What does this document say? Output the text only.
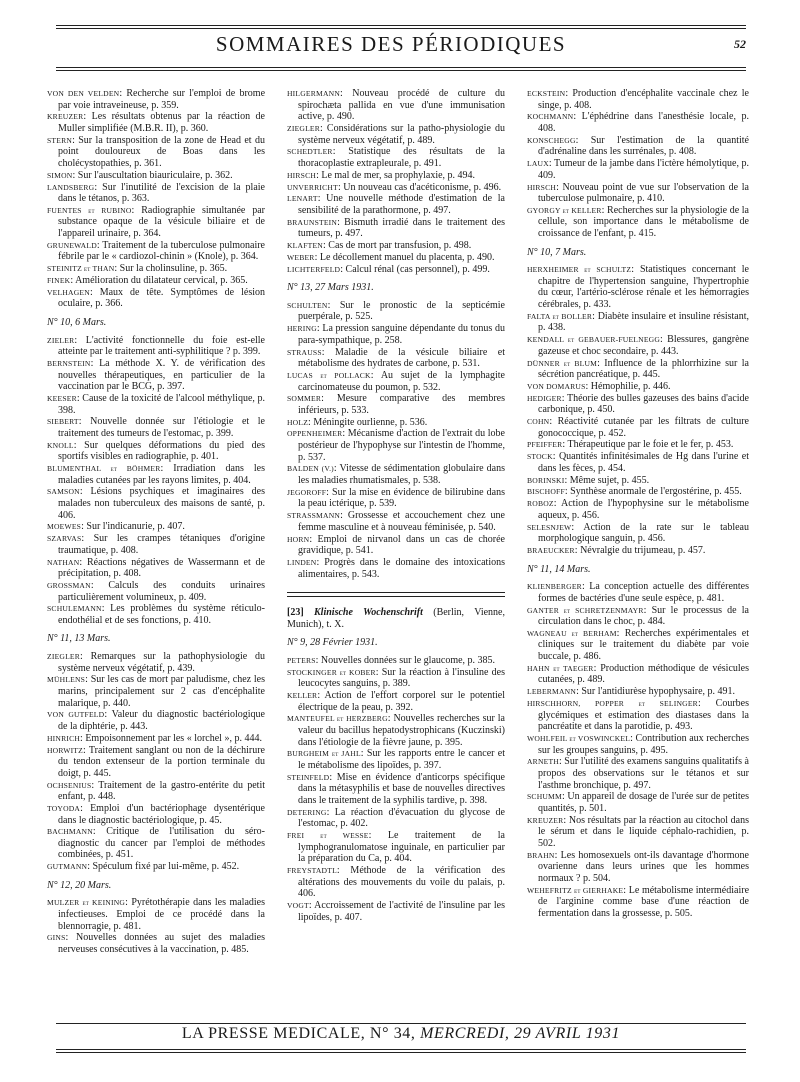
SOMMAIRES DES PÉRIODIQUES	52
VON DEN VELDEN: Recherche sur l'emploi de brome par voie intraveineuse, p. 359.
KREUZER: Les résultats obtenus par la réaction de Muller simplifiée (M.B.R. II), p. 360.
STERN: Sur la transposition de la zone de Head et du point douloureux de Boas dans les cholécystopathies, p. 361.
SIMON: Sur l'auscultation biauriculaire, p. 362.
LANDSBERG: Sur l'inutilité de l'excision de la plaie dans le tétanos, p. 363.
FUENTES et RUBINO: Radiographie simultanée par substance opaque de la vésicule biliaire et de l'appareil urinaire, p. 364.
GRUNEWALD: Traitement de la tuberculose pulmonaire fébrile par le « cardiozol-chinin » (Knole), p. 364.
STEINITZ et THAN: Sur la cholinsuline, p. 365.
FINEK: Amélioration du dilatateur cervical, p. 365.
VELHAGEN: Maux de tête. Symptômes de lésion oculaire, p. 366.
N° 10, 6 Mars.
ZIELER: L'activité fonctionnelle du foie est-elle atteinte par le traitement anti-syphilitique ? p. 399.
BERNSTEIN: La méthode X. Y. de vérification des nouvelles thérapeutiques, en particulier de la vaccination par le BCG, p. 397.
KEESER: Cause de la toxicité de l'alcool méthylique, p. 398.
SIEBERT: Nouvelle donnée sur l'étiologie et le traitement des tumeurs de l'estomac, p. 399.
KNOLL: Sur quelques déformations du pied des sportifs visibles en radiographie, p. 401.
BLUMENTHAL et BÖHMER: Irradiation dans les maladies cutanées par les rayons limites, p. 404.
SAMSON: Lésions psychiques et imaginaires des malades non tuberculeux des maisons de santé, p. 406.
MOEWES: Sur l'indicanurie, p. 407.
SZARVAS: Sur les crampes tétaniques d'origine traumatique, p. 408.
NATHAN: Réactions négatives de Wassermann et de précipitation, p. 408.
GROSSMAN: Calculs des conduits urinaires particulièrement volumineux, p. 409.
SCHULEMANN: Les problèmes du système réticulo-endothélial et de ses fonctions, p. 410.
N° 11, 13 Mars.
ZIEGLER: Remarques sur la pathophysiologie du système nerveux végétatif, p. 439.
MÜHLENS: Sur les cas de mort par paludisme, chez les marins, principalement sur 2 cas d'encéphalite malarique, p. 440.
VON GUTFELD: Valeur du diagnostic bactériologique de la diphtérie, p. 443.
HINRICH: Empoisonnement par les « lorchel », p. 444.
HORWITZ: Traitement sanglant ou non de la déchirure du tendon extenseur de la portion terminale du doigt, p. 445.
OCHSENIUS: Traitement de la gastro-entérite du petit enfant, p. 448.
TOYODA: Emploi d'un bactériophage dysentérique dans le diagnostic bactériologique, p. 45.
BACHMANN: Critique de l'utilisation du séro-diagnostic du cancer par l'emploi de méthodes combinées, p. 451.
GUTMANN: Spéculum fixé par lui-même, p. 452.
N° 12, 20 Mars.
MULZER et KEINING: Pyrétothérapie dans les maladies infectieuses. Emploi de ce procédé dans la blennorragie, p. 481.
GINS: Nouvelles données au sujet des maladies nerveuses consécutives à la vaccination, p. 485.
HILGERMANN: Nouveau procédé de culture du spirochæta pallida en vue d'une immunisation active, p. 490.
ZIEGLER: Considérations sur la patho-physiologie du système nerveux végétatif, p. 489.
SCHEDTLER: Statistique des résultats de la thoracoplastie extrapleurale, p. 491.
HIRSCH: Le mal de mer, sa prophylaxie, p. 494.
UNVERRICHT: Un nouveau cas d'acéticonisme, p. 496.
LENART: Une nouvelle méthode d'estimation de la sensibilité de la parathormone, p. 497.
BRAUNSTEIN: Bismuth irradié dans le traitement des tumeurs, p. 497.
KLAFTEN: Cas de mort par transfusion, p. 498.
WEBER: Le décollement manuel du placenta, p. 490.
LICHTERFELD: Calcul rénal (cas personnel), p. 499.
N° 13, 27 Mars 1931.
SCHULTEN: Sur le pronostic de la septicémie puerpérale, p. 525.
HERING: La pression sanguine dépendante du tonus du para-sympathique, p. 258.
STRAUSS: Maladie de la vésicule biliaire et métabolisme des hydrates de carbone, p. 531.
LUCAS et POLLACK: Au sujet de la lymphagite carcinomateuse du poumon, p. 532.
SOMMER: Mesure comparative des membres inférieurs, p. 533.
HOLZ: Méningite ourlienne, p. 536.
OPPENHEIMER: Mécanisme d'action de l'extrait du lobe postérieur de l'hypophyse sur l'intestin de l'homme, p. 537.
BALDEN (V.): Vitesse de sédimentation globulaire dans les maladies rhumatismales, p. 538.
JEGOROFF: Sur la mise en évidence de bilirubine dans la peau ictérique, p. 539.
STRASSMANN: Grossesse et accouchement chez une femme masculine et à nouveau féminisée, p. 540.
HORN: Emploi de nirvanol dans un cas de chorée gravidique, p. 541.
LINDEN: Progrès dans le domaine des intoxications alimentaires, p. 543.
[23] Klinische Wochenschrift (Berlin, Vienne, Munich), t. X.
N° 9, 28 Février 1931.
PETERS: Nouvelles données sur le glaucome, p. 385.
STOCKINGER et KOBER: Sur la réaction à l'insuline des leucocytes sanguins, p. 389.
KELLER: Action de l'effort corporel sur le potentiel électrique de la peau, p. 392.
MANTEUFEL et HERZBERG: Nouvelles recherches sur la valeur du bacillus hepatodystrophicans (Kuczinski) dans l'étiologie de la fièvre jaune, p. 395.
BURGHEIM et JAHL: Sur les rapports entre le cancer et le métabolisme des lipoïdes, p. 397.
STEINFELD: Mise en évidence d'anticorps spécifique dans la métasyphilis et base de nouvelles directives dans le traitement de la syphilis tardive, p. 398.
DETERING: La réaction d'évacuation du glycose de l'estomac, p. 402.
FREI et WESSE: Le traitement de la lymphogranulomatose inguinale, en particulier par la préparation du Ca, p. 404.
FREYSTADTL: Méthode de la vérification des altérations des mouvements du voile du palais, p. 406.
VOGT: Accroissement de l'activité de l'insuline par les lipoïdes, p. 407.
ECKSTEIN: Production d'encéphalite vaccinale chez le singe, p. 408.
KOCHMANN: L'éphédrine dans l'anesthésie locale, p. 408.
KONSCHEGG: Sur l'estimation de la quantité d'adrénaline dans les surrénales, p. 408.
LAUX: Tumeur de la jambe dans l'ictère hémolytique, p. 409.
HIRSCH: Nouveau point de vue sur l'observation de la tuberculose pulmonaire, p. 410.
GYORGY et KELLER: Recherches sur la physiologie de la cellule, son importance dans le métabolisme de croissance de l'enfant, p. 415.
N° 10, 7 Mars.
HERXHEIMER et SCHULTZ: Statistiques concernant le chapitre de l'hypertension sanguine, l'hypertrophie du cœur, l'artério-sclérose rénale et les hémorragies cérébrales, p. 433.
FALTA et BOLLER: Diabète insulaire et insuline résistant, p. 438.
KENDALL et GEBAUER-FUELNEGG: Blessures, gangrène gazeuse et choc secondaire, p. 443.
DÜNNER et BLUM: Influence de la phlorrhizine sur la sécrétion pancréatique, p. 445.
VON DOMARUS: Hémophilie, p. 446.
HEDIGER: Théorie des bulles gazeuses des bains d'acide carbonique, p. 450.
COHN: Réactivité cutanée par les filtrats de culture gonococcique, p. 452.
PFEIFFER: Thérapeutique par le foie et le fer, p. 453.
STOCK: Quantités infinitésimales de Hg dans l'urine et dans les fèces, p. 454.
BORINSKI: Même sujet, p. 455.
BISCHOFF: Synthèse anormale de l'ergostérine, p. 455.
ROBOZ: Action de l'hypophysine sur le métabolisme aqueux, p. 456.
SELESNJEW: Action de la rate sur le tableau morphologique sanguin, p. 456.
BRAEUCKER: Névralgie du trijumeau, p. 457.
N° 11, 14 Mars.
KLIENBERGER: La conception actuelle des différentes formes de bactéries d'une seule espèce, p. 481.
GANTER et SCHRETZENMAYR: Sur le processus de la circulation dans le choc, p. 484.
WAGNEAU et BERHAM: Recherches expérimentales et cliniques sur le traitement du diabète par voie buccale, p. 486.
HAHN et TAEGER: Production méthodique de vésicules cutanées, p. 489.
LEBERMANN: Sur l'antidiurèse hypophysaire, p. 491.
HIRSCHHORN, POPPER et SELINGER: Courbes glycémiques et estimation des diastases dans la pancréatite et dans la parotidie, p. 493.
WOHLFEIL et VOSWINCKEL: Contribution aux recherches sur les groupes sanguins, p. 495.
ARNETH: Sur l'utilité des examens sanguins qualitatifs à propos des observations sur le tétanos et sur l'asthme bronchique, p. 497.
SCHUMM: Un appareil de dosage de l'urée sur de petites quantités, p. 501.
KREUZER: Nos résultats par la réaction au citochol dans le sérum et dans le liquide céphalo-rachidien, p. 502.
BRAHN: Les homosexuels ont-ils davantage d'hormone ovarienne dans leurs urines que les hommes normaux ? p. 504.
WEHEFRITZ et GIERHAKE: Le métabolisme intermédiaire de l'arginine comme base d'une réaction de fermentation dans la grossesse, p. 505.
LA PRESSE MEDICALE, N° 34, MERCREDI, 29 AVRIL 1931
